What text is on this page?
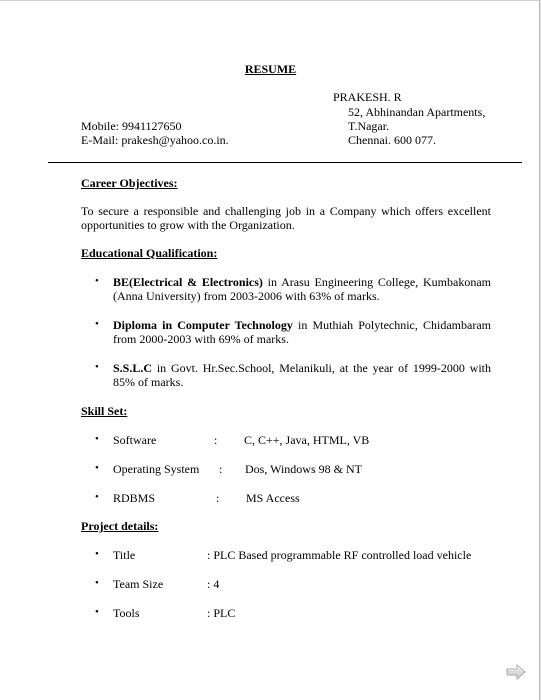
RESUME
PRAKESH. R
52, Abhinandan Apartments,
T.Nagar.
Chennai. 600 077.
Mobile: 9941127650
E-Mail: prakesh@yahoo.co.in.
Career Objectives:
To secure a responsible and challenging job in a Company which offers excellent opportunities to grow with the Organization.
Educational Qualification:
• BE(Electrical & Electronics) in Arasu Engineering College, Kumbakonam (Anna University) from 2003-2006 with 63% of marks.
• Diploma in Computer Technology in Muthiah Polytechnic, Chidambaram from 2000-2003 with 69% of marks.
• S.S.L.C in Govt. Hr.Sec.School, Melanikuli, at the year of 1999-2000 with 85% of marks.
Skill Set:
• Software	: C, C++, Java, HTML, VB
• Operating System : Dos, Windows 98 & NT
• RDBMS	: MS Access
Project details:
• Title	: PLC Based programmable RF controlled load vehicle
• Team Size	: 4
• Tools	: PLC
